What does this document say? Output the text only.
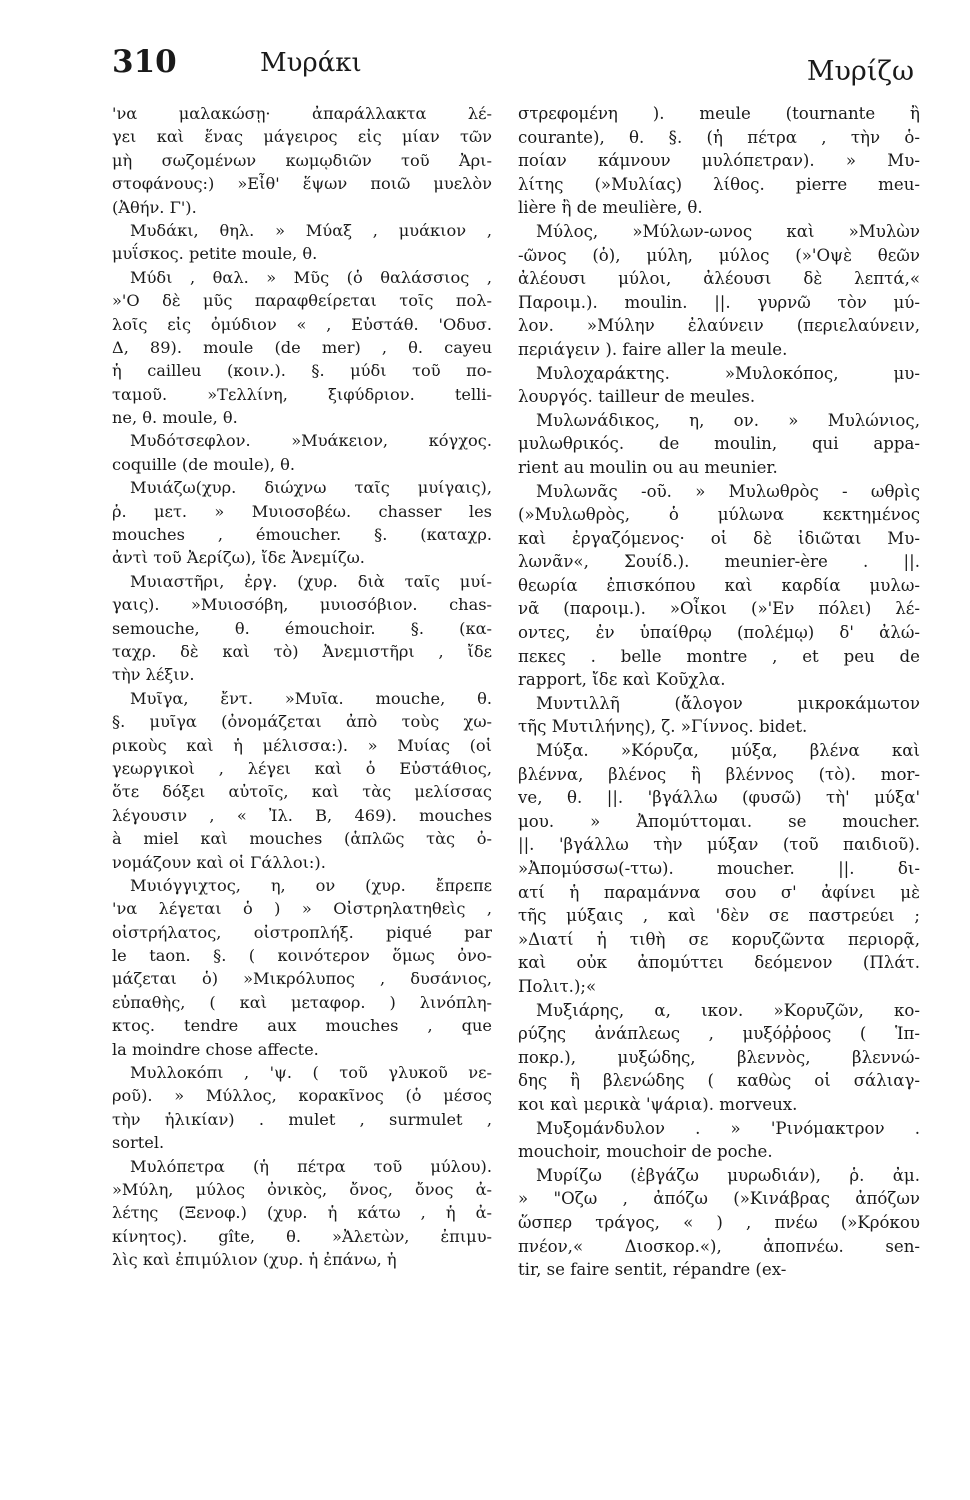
310	Μυράκι	Μυρίζω
'να μαλακώσῃ· ἀπαράλλακτα λέ-
γει καὶ ἕνας μάγειρος εἰς μίαν τῶν
μὴ σωζομένων κωμῳδιῶν τοῦ Ἀρι-
στοφάνους:) »Εἶθ' ἕψων ποιῶ μυελὸν
(Ἀθήν. Γ').
Μυδάκι, θηλ. » Μύαξ , μυάκιον ,
μυΐσκος. petite moule, θ.
Μύδι , θαλ. » Μῦς (ὁ θαλάσσιος ,
»'Ο δὲ μῦς παραφθείρεται τοῖς πολ-
λοῖς εἰς ὀμύδιον « , Εὐστάθ. 'Οδυσ.
Δ, 89). moule (de mer) , θ. cayeu
ἡ cailleu (κοιν.). §. μύδι τοῦ πο-
ταμοῦ. »Τελλίνη, ξιφύδριον. telli-
ne, θ. moule, θ.
Μυδότσεφλον. »Μυάκειον, κόγχος.
coquille (de moule), θ.
Μυιάζω(χυρ. διώχνω ταῖς μυίγαις),
ῥ. μετ. » Μυιοσοβέω. chasser les
mouches , émoucher. §. (καταχρ.
ἀντὶ τοῦ Ἀερίζω), ἴδε Ἀνεμίζω.
Μυιαστῆρι, ἐργ. (χυρ. διὰ ταῖς μυί-
γαις). »Μυιοσόβη, μυιοσόβιον. chas-
semouche, θ. émouchoir. §. (κα-
ταχρ. δὲ καὶ τὸ) Ἀνεμιστῆρι , ἴδε
τὴν λέξιν.
Μυῖγα, ἔντ. »Μυῖα. mouche, θ.
§. μυῖγα (ὀνομάζεται ἀπὸ τοὺς χω-
ρικοὺς καὶ ἡ μέλισσα:). » Μυίας (οἱ
γεωργικοὶ , λέγει καὶ ὁ Εὐστάθιος,
ὅτε δόξει αὐτοῖς, καὶ τὰς μελίσσας
λέγουσιν , « Ἰλ. Β, 469). mouches
à miel καὶ mouches (ἁπλῶς τὰς ὀ-
νομάζουν καὶ οἱ Γάλλοι:).
Μυιόγγιχτος, η, ον (χυρ. ἔπρεπε
'να λέγεται ὁ ) » Οἰστρηλατηθεὶς ,
οἰστρήλατος, οἰστροπλήξ. piqué par
le taon. §. ( κοινότερον ὅμως ὀνο-
μάζεται ὁ) »Μικρόλυπος , δυσάνιος,
εὐπαθὴς, ( καὶ μεταφορ. ) λινόπλη-
κτος. tendre aux mouches , que
la moindre chose affecte.
Μυλλοκόπι , 'ψ. ( τοῦ γλυκοῦ νε-
ροῦ). » Μύλλος, κορακῖνος (ὁ μέσος
τὴν ἡλικίαν) . mulet , surmulet ,
sortel.
Μυλόπετρα (ἡ πέτρα τοῦ μύλου).
»Μύλη, μύλος ὀνικὸς, ὄνος, ὄνος ἀ-
λέτης (Ξενοφ.) (χυρ. ἡ κάτω , ἡ ἀ-
κίνητος). gîte, θ. »Ἀλετὼν, ἐπιμυ-
λὶς καὶ ἐπιμύλιον (χυρ. ἡ ἐπάνω, ἡ
στρεφομένη ). meule (tournante ἢ
courante), θ. §. (ἡ πέτρα , τὴν ὁ-
ποίαν κάμνουν μυλόπετραν). » Μυ-
λίτης (»Μυλίας) λίθος. pierre meu-
lière ἢ de meulière, θ.
Μύλος, »Μύλων-ωνος καὶ »Μυλὼν
-ῶνος (ὁ), μύλη, μύλος (»'Οψὲ θεῶν
ἀλέουσι μύλοι, ἀλέουσι δὲ λεπτά,«
Παροιμ.). moulin. ||. γυρνῶ τὸν μύ-
λον. »Μύλην ἐλαύνειν (περιελαύνειν,
περιάγειν ). faire aller la meule.
Μυλοχαράκτης. »Μυλοκόπος, μυ-
λουργός. tailleur de meules.
Μυλωνάδικος, η, ον. » Μυλώνιος,
μυλωθρικός. de moulin, qui appa-
rient au moulin ou au meunier.
Μυλωνᾶς -οῦ. » Μυλωθρὸς - ωθρὶς
(»Μυλωθρὸς, ὁ μύλωνα κεκτημένος
καὶ ἐργαζόμενος· οἱ δὲ ἰδιῶται Μυ-
λωνᾶν«, Σουίδ.). meunier-ère . ||.
θεωρία ἐπισκόπου καὶ καρδία μυλω-
νᾶ (παροιμ.). »Οἶκοι (»'Εν πόλει) λέ-
οντες, ἐν ὑπαίθρῳ (πολέμῳ) δ' ἀλώ-
πεκες . belle montre , et peu de
rapport, ἴδε καὶ Κοῦχλα.
Μυντιλλῆ (ἄλογον μικροκάμωτον
τῆς Μυτιλήνης), ζ. »Γίννος. bidet.
Μύξα. »Κόρυζα, μύξα, βλένα καὶ
βλέννα, βλένος ἢ βλέννος (τὸ). mor-
ve, θ. ||. 'βγάλλω (φυσῶ) τὴ' μύξα'
μου. » Ἀπομύττομαι. se moucher.
||. 'βγάλλω τὴν μύξαν (τοῦ παιδιοῦ).
»Ἀπομύσσω(-ττω). moucher. ||. δι-
ατί ἡ παραμάννα σου σ' ἀφίνει μὲ
τῆς μύξαις , καὶ 'δὲν σε παστρεύει ;
»Διατί ἡ τιθὴ σε κορυζῶντα περιορᾷ,
καὶ οὐκ ἀπομύττει δεόμενον (Πλάτ.
Πολιτ.);«
Μυξιάρης, α, ικον. »Κορυζῶν, κο-
ρύζης ἀνάπλεως , μυξόῤῥοος ( Ἱπ-
ποκρ.), μυξώδης, βλεννὸς, βλεννώ-
δης ἢ βλενώδης ( καθὼς οἱ σάλιαγ-
κοι καὶ μερικὰ 'ψάρια). morveux.
Μυξομάνδυλον . » 'Ρινόμακτρον .
mouchoir, mouchoir de poche.
Μυρίζω (ἐβγάζω μυρωδιάν), ῥ. ἀμ.
» "Οζω , ἀπόζω (»Κινάβρας ἀπόζων
ὥσπερ τράγος, « ) , πνέω (»Κρόκου
πνέον,« Διοσκορ.«), ἀποπνέω. sen-
tir, se faire sentit, répandre (ex-
